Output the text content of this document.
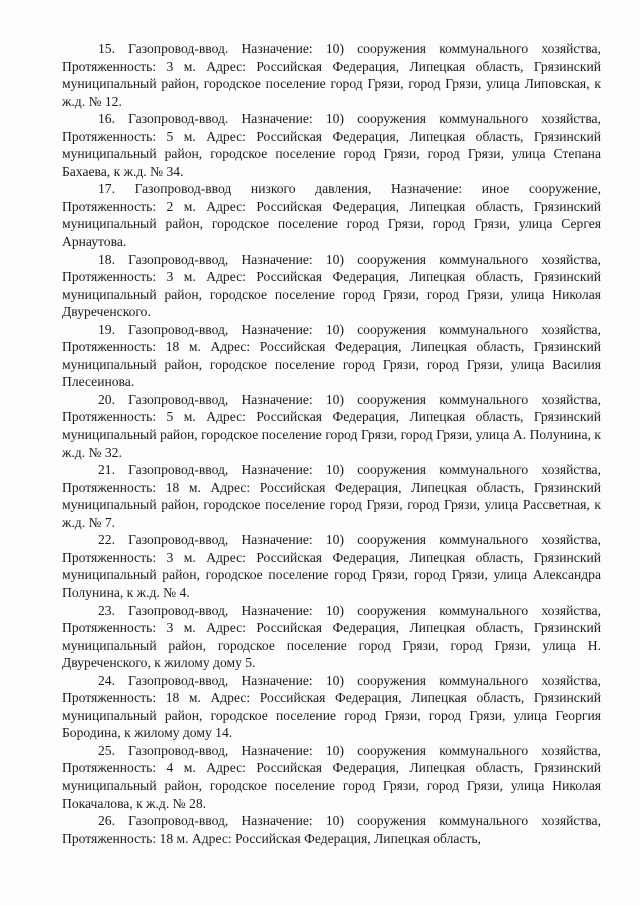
15. Газопровод-ввод. Назначение: 10) сооружения коммунального хозяйства, Протяженность: 3 м. Адрес: Российская Федерация, Липецкая область, Грязинский муниципальный район, городское поселение город Грязи, город Грязи, улица Липовская, к ж.д. № 12.

16. Газопровод-ввод. Назначение: 10) сооружения коммунального хозяйства, Протяженность: 5 м. Адрес: Российская Федерация, Липецкая область, Грязинский муниципальный район, городское поселение город Грязи, город Грязи, улица Степана Бахаева, к ж.д. № 34.

17. Газопровод-ввод низкого давления, Назначение: иное сооружение, Протяженность: 2 м. Адрес: Российская Федерация, Липецкая область, Грязинский муниципальный район, городское поселение город Грязи, город Грязи, улица Сергея Арнаутова.

18. Газопровод-ввод, Назначение: 10) сооружения коммунального хозяйства, Протяженность: 3 м. Адрес: Российская Федерация, Липецкая область, Грязинский муниципальный район, городское поселение город Грязи, город Грязи, улица Николая Двуреченского.

19. Газопровод-ввод, Назначение: 10) сооружения коммунального хозяйства, Протяженность: 18 м. Адрес: Российская Федерация, Липецкая область, Грязинский муниципальный район, городское поселение город Грязи, город Грязи, улица Василия Плесеинова.

20. Газопровод-ввод, Назначение: 10) сооружения коммунального хозяйства, Протяженность: 5 м. Адрес: Российская Федерация, Липецкая область, Грязинский муниципальный район, городское поселение город Грязи, город Грязи, улица А. Полунина, к ж.д. № 32.

21. Газопровод-ввод, Назначение: 10) сооружения коммунального хозяйства, Протяженность: 18 м. Адрес: Российская Федерация, Липецкая область, Грязинский муниципальный район, городское поселение город Грязи, город Грязи, улица Рассветная, к ж.д. № 7.

22. Газопровод-ввод, Назначение: 10) сооружения коммунального хозяйства, Протяженность: 3 м. Адрес: Российская Федерация, Липецкая область, Грязинский муниципальный район, городское поселение город Грязи, город Грязи, улица Александра Полунина, к ж.д. № 4.

23. Газопровод-ввод, Назначение: 10) сооружения коммунального хозяйства, Протяженность: 3 м. Адрес: Российская Федерация, Липецкая область, Грязинский муниципальный район, городское поселение город Грязи, город Грязи, улица Н. Двуреченского, к жилому дому 5.

24. Газопровод-ввод, Назначение: 10) сооружения коммунального хозяйства, Протяженность: 18 м. Адрес: Российская Федерация, Липецкая область, Грязинский муниципальный район, городское поселение город Грязи, город Грязи, улица Георгия Бородина, к жилому дому 14.

25. Газопровод-ввод, Назначение: 10) сооружения коммунального хозяйства, Протяженность: 4 м. Адрес: Российская Федерация, Липецкая область, Грязинский муниципальный район, городское поселение город Грязи, город Грязи, улица Николая Покачалова, к ж.д. № 28.

26. Газопровод-ввод, Назначение: 10) сооружения коммунального хозяйства, Протяженность: 18 м. Адрес: Российская Федерация, Липецкая область,
